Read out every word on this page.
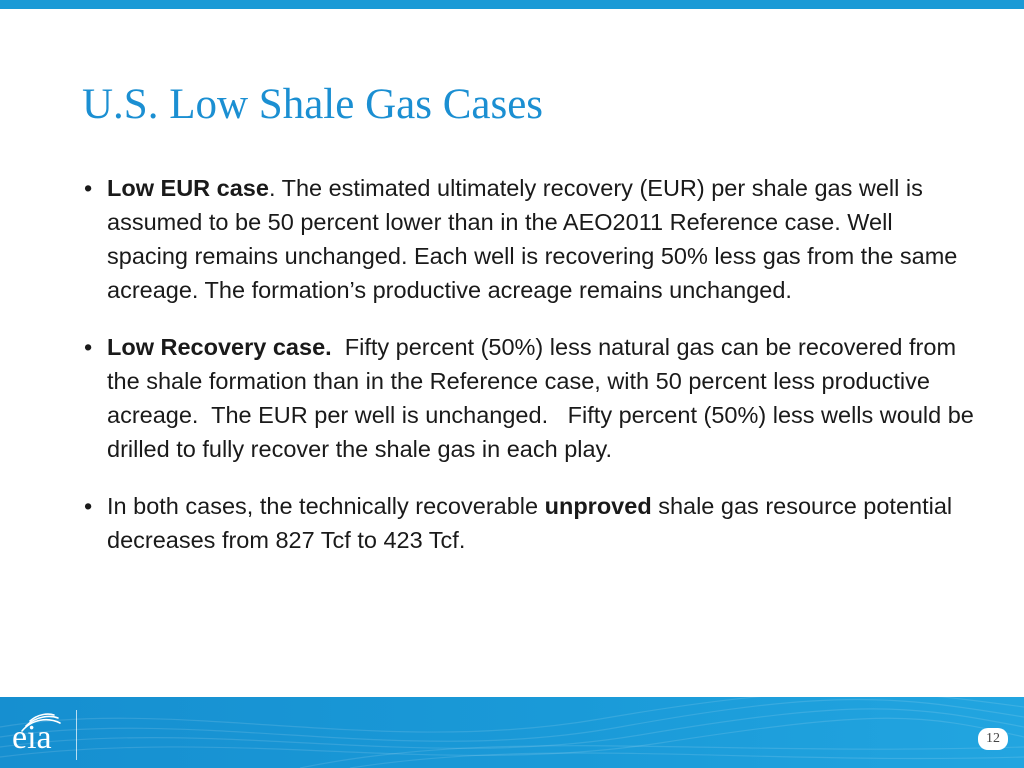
U.S. Low Shale Gas Cases
• Low EUR case. The estimated ultimately recovery (EUR) per shale gas well is assumed to be 50 percent lower than in the AEO2011 Reference case. Well spacing remains unchanged. Each well is recovering 50% less gas from the same acreage. The formation’s productive acreage remains unchanged.
• Low Recovery case.  Fifty percent (50%) less natural gas can be recovered from the shale formation than in the Reference case, with 50 percent less productive acreage.  The EUR per well is unchanged.   Fifty percent (50%) less wells would be drilled to fully recover the shale gas in each play.
• In both cases, the technically recoverable unproved shale gas resource potential decreases from 827 Tcf to 423 Tcf.
eia	12
